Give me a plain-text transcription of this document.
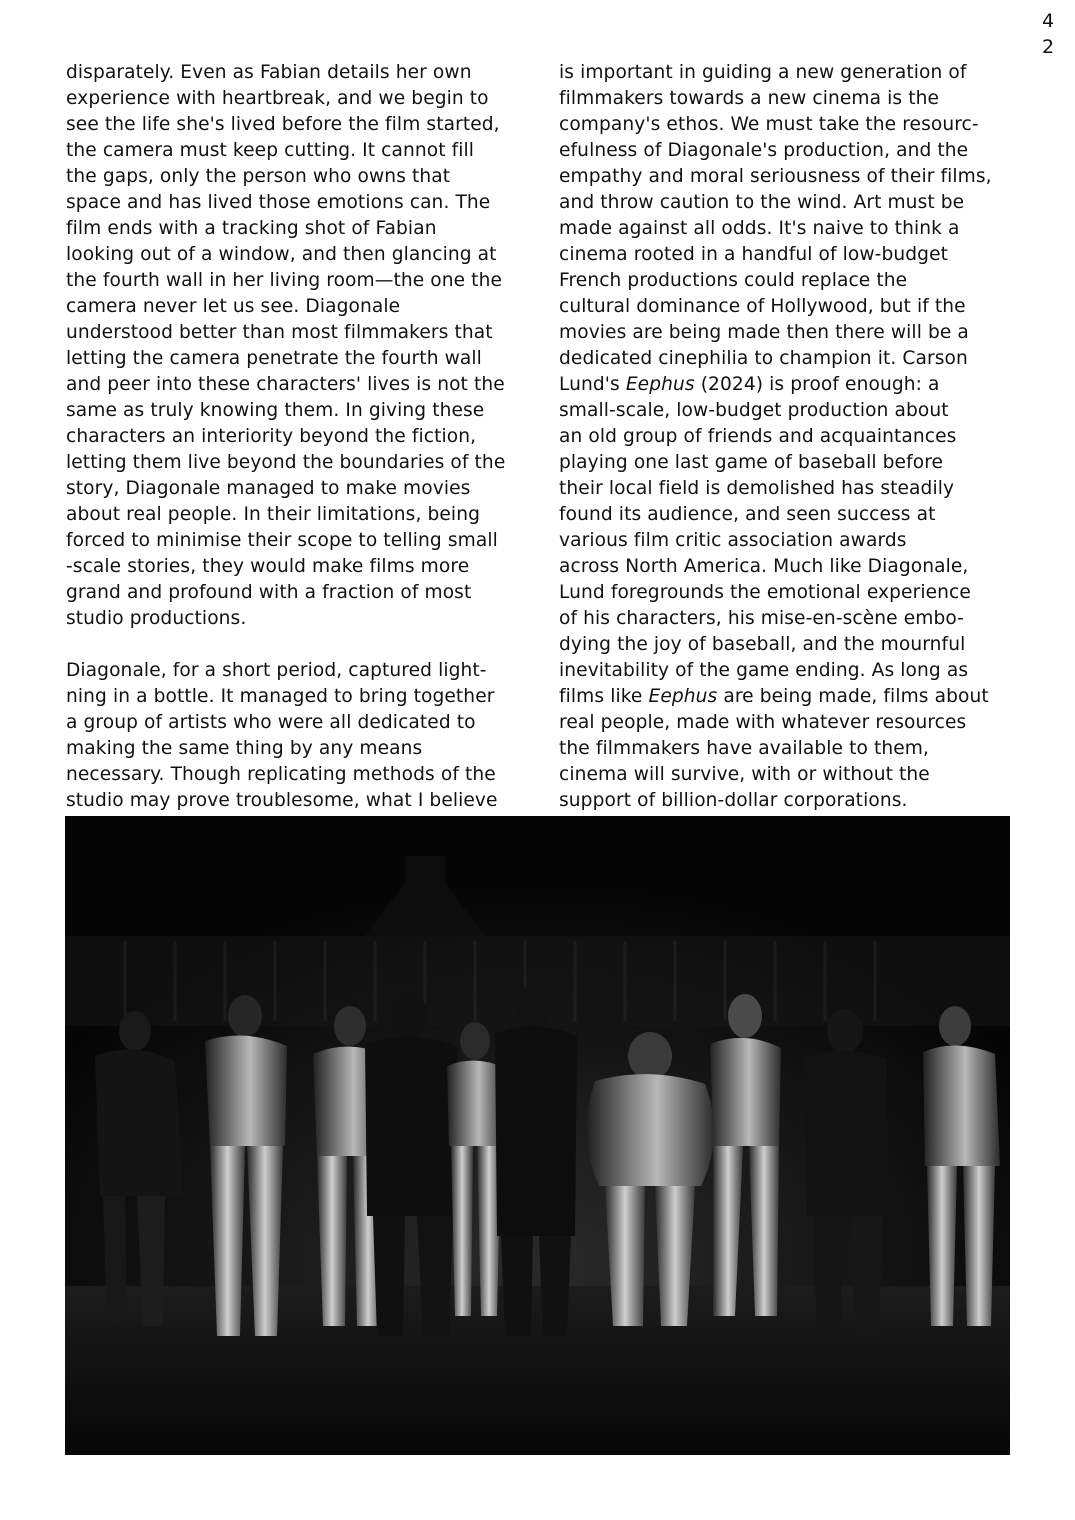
4
2
disparately. Even as Fabian details her own
experience with heartbreak, and we begin to
see the life she's lived before the film started,
the camera must keep cutting. It cannot fill
the gaps, only the person who owns that
space and has lived those emotions can. The
film ends with a tracking shot of Fabian
looking out of a window, and then glancing at
the fourth wall in her living room—the one the
camera never let us see. Diagonale
understood better than most filmmakers that
letting the camera penetrate the fourth wall
and peer into these characters' lives is not the
same as truly knowing them. In giving these
characters an interiority beyond the fiction,
letting them live beyond the boundaries of the
story, Diagonale managed to make movies
about real people. In their limitations, being
forced to minimise their scope to telling small
-scale stories, they would make films more
grand and profound with a fraction of most
studio productions.
Diagonale, for a short period, captured light-
ning in a bottle. It managed to bring together
a group of artists who were all dedicated to
making the same thing by any means
necessary. Though replicating methods of the
studio may prove troublesome, what I believe
is important in guiding a new generation of
filmmakers towards a new cinema is the
company's ethos. We must take the resourc-
efulness of Diagonale's production, and the
empathy and moral seriousness of their films,
and throw caution to the wind. Art must be
made against all odds. It's naive to think a
cinema rooted in a handful of low-budget
French productions could replace the
cultural dominance of Hollywood, but if the
movies are being made then there will be a
dedicated cinephilia to champion it. Carson
Lund's Eephus (2024) is proof enough: a
small-scale, low-budget production about
an old group of friends and acquaintances
playing one last game of baseball before
their local field is demolished has steadily
found its audience, and seen success at
various film critic association awards
across North America. Much like Diagonale,
Lund foregrounds the emotional experience
of his characters, his mise-en-scène embo-
dying the joy of baseball, and the mournful
inevitability of the game ending. As long as
films like Eephus are being made, films about
real people, made with whatever resources
the filmmakers have available to them,
cinema will survive, with or without the
support of billion-dollar corporations.
